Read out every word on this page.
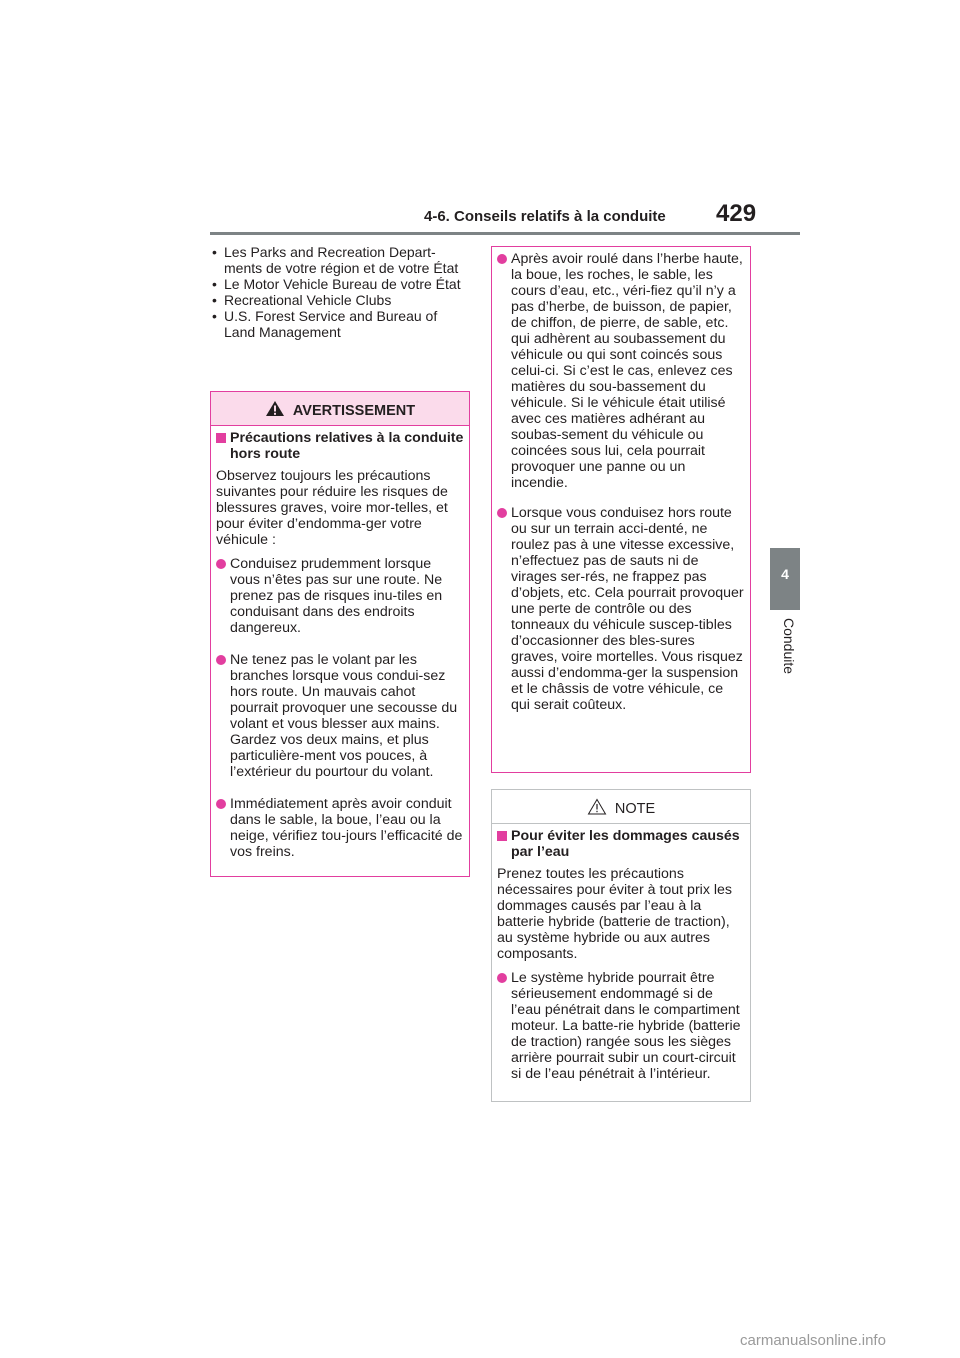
429
4-6. Conseils relatifs à la conduite
4
Conduite
• Les Parks and Recreation Depart-ments de votre région et de votre État
• Le Motor Vehicle Bureau de votre État
• Recreational Vehicle Clubs
• U.S. Forest Service and Bureau of Land Management
AVERTISSEMENT
Précautions relatives à la conduite hors route

Observez toujours les précautions suivantes pour réduire les risques de blessures graves, voire mor-telles, et pour éviter d’endomma-ger votre véhicule :

Conduisez prudemment lorsque vous n’êtes pas sur une route. Ne prenez pas de risques inu-tiles en conduisant dans des endroits dangereux.
Ne tenez pas le volant par les branches lorsque vous condui-sez hors route. Un mauvais cahot pourrait provoquer une secousse du volant et vous blesser aux mains. Gardez vos deux mains, et plus particulière-ment vos pouces, à l’extérieur du pourtour du volant.
Immédiatement après avoir conduit dans le sable, la boue, l’eau ou la neige, vérifiez tou-jours l’efficacité de vos freins.
Après avoir roulé dans l’herbe haute, la boue, les roches, le sable, les cours d’eau, etc., véri-fiez qu’il n’y a pas d’herbe, de buisson, de papier, de chiffon, de pierre, de sable, etc. qui adhèrent au soubassement du véhicule ou qui sont coincés sous celui-ci. Si c’est le cas, enlevez ces matières du sou-bassement du véhicule. Si le véhicule était utilisé avec ces matières adhérant au soubas-sement du véhicule ou coincées sous lui, cela pourrait provoquer une panne ou un incendie.
Lorsque vous conduisez hors route ou sur un terrain acci-denté, ne roulez pas à une vitesse excessive, n’effectuez pas de sauts ni de virages ser-rés, ne frappez pas d’objets, etc. Cela pourrait provoquer une perte de contrôle ou des tonneaux du véhicule suscep-tibles d’occasionner des bles-sures graves, voire mortelles. Vous risquez aussi d’endomma-ger la suspension et le châssis de votre véhicule, ce qui serait coûteux.
NOTE
Pour éviter les dommages causés par l’eau

Prenez toutes les précautions nécessaires pour éviter à tout prix les dommages causés par l’eau à la batterie hybride (batterie de traction), au système hybride ou aux autres composants.

Le système hybride pourrait être sérieusement endommagé si de l’eau pénétrait dans le compartiment moteur. La batte-rie hybride (batterie de traction) rangée sous les sièges arrière pourrait subir un court-circuit si de l’eau pénétrait à l’intérieur.
carmanualsonline.info
